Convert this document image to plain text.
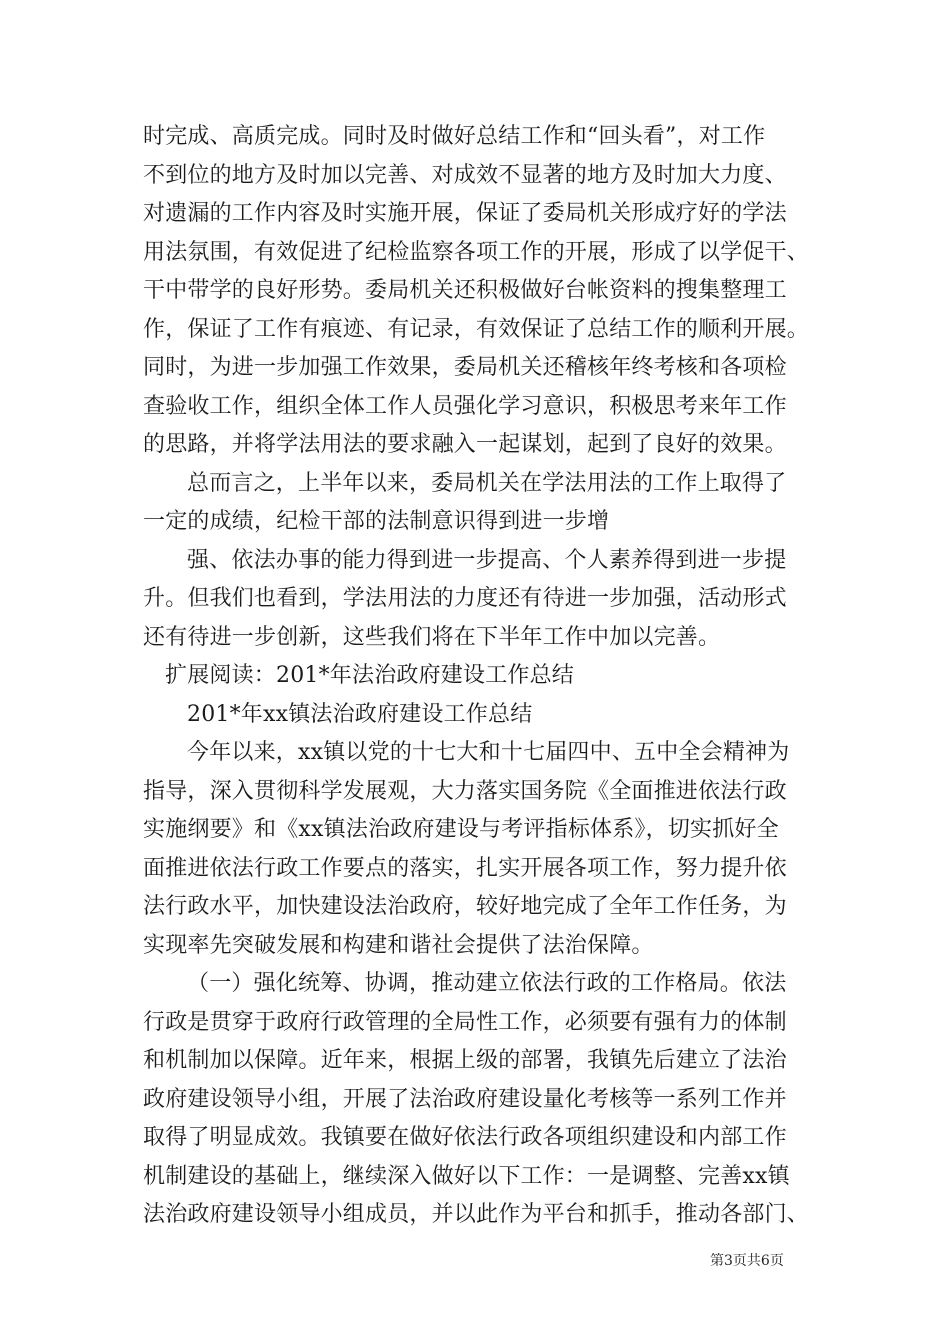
时完成、高质完成。同时及时做好总结工作和“回头看”，对工作
不到位的地方及时加以完善、对成效不显著的地方及时加大力度、
对遗漏的工作内容及时实施开展，保证了委局机关形成疗好的学法
用法氛围，有效促进了纪检监察各项工作的开展，形成了以学促干、
干中带学的良好形势。委局机关还积极做好台帐资料的搜集整理工
作，保证了工作有痕迹、有记录，有效保证了总结工作的顺利开展。
同时，为进一步加强工作效果，委局机关还稽核年终考核和各项检
查验收工作，组织全体工作人员强化学习意识，积极思考来年工作
的思路，并将学法用法的要求融入一起谋划，起到了良好的效果。
总而言之，上半年以来，委局机关在学法用法的工作上取得了
一定的成绩，纪检干部的法制意识得到进一步增
强、依法办事的能力得到进一步提高、个人素养得到进一步提
升。但我们也看到，学法用法的力度还有待进一步加强，活动形式
还有待进一步创新，这些我们将在下半年工作中加以完善。
扩展阅读：201*年法治政府建设工作总结
201*年xx镇法治政府建设工作总结
今年以来，xx镇以党的十七大和十七届四中、五中全会精神为
指导，深入贯彻科学发展观，大力落实国务院《全面推进依法行政
实施纲要》和《xx镇法治政府建设与考评指标体系》，切实抓好全
面推进依法行政工作要点的落实，扎实开展各项工作，努力提升依
法行政水平，加快建设法治政府，较好地完成了全年工作任务，为
实现率先突破发展和构建和谐社会提供了法治保障。
（一）强化统筹、协调，推动建立依法行政的工作格局。依法
行政是贯穿于政府行政管理的全局性工作，必须要有强有力的体制
和机制加以保障。近年来，根据上级的部署，我镇先后建立了法治
政府建设领导小组，开展了法治政府建设量化考核等一系列工作并
取得了明显成效。我镇要在做好依法行政各项组织建设和内部工作
机制建设的基础上，继续深入做好以下工作：一是调整、完善xx镇
法治政府建设领导小组成员，并以此作为平台和抓手，推动各部门、
第3页共6页
